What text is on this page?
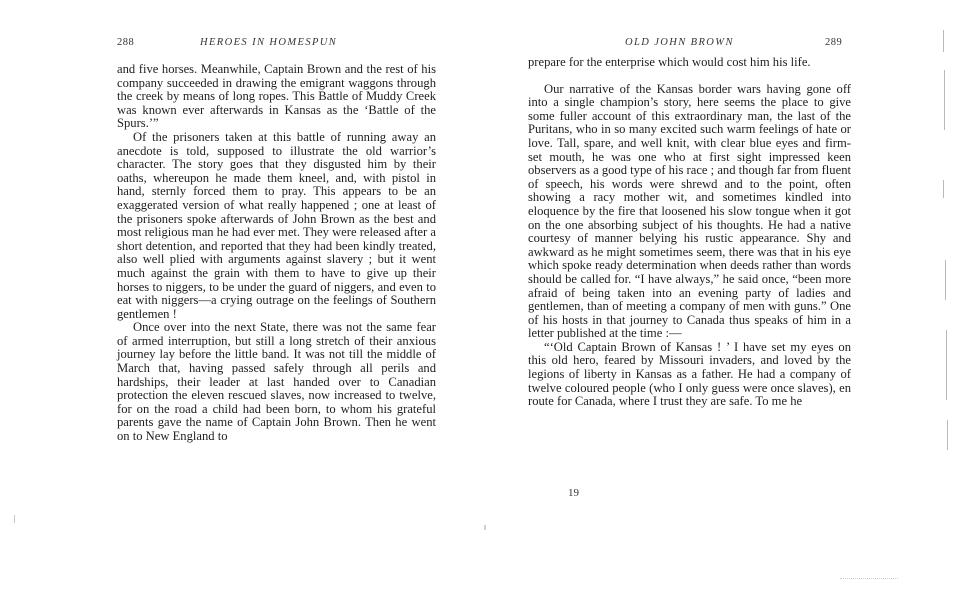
288	HEROES IN HOMESPUN

and five horses. Meanwhile, Captain Brown and the rest of his company succeeded in drawing the emigrant waggons through the creek by means of long ropes. This Battle of Muddy Creek was known ever afterwards in Kansas as the ‘Battle of the Spurs.’”

Of the prisoners taken at this battle of running away an anecdote is told, supposed to illustrate the old warrior’s character. The story goes that they disgusted him by their oaths, whereupon he made them kneel, and, with pistol in hand, sternly forced them to pray. This appears to be an exaggerated version of what really happened ; one at least of the prisoners spoke afterwards of John Brown as the best and most religious man he had ever met. They were released after a short detention, and reported that they had been kindly treated, also well plied with arguments against slavery ; but it went much against the grain with them to have to give up their horses to niggers, to be under the guard of niggers, and even to eat with niggers—a crying outrage on the feelings of Southern gentlemen !

Once over into the next State, there was not the same fear of armed interruption, but still a long stretch of their anxious journey lay before the little band. It was not till the middle of March that, having passed safely through all perils and hardships, their leader at last handed over to Canadian protection the eleven rescued slaves, now increased to twelve, for on the road a child had been born, to whom his grateful parents gave the name of Captain John Brown. Then he went on to New England to

OLD JOHN BROWN	289

prepare for the enterprise which would cost him his life.

Our narrative of the Kansas border wars having gone off into a single champion’s story, here seems the place to give some fuller account of this extraordinary man, the last of the Puritans, who in so many excited such warm feelings of hate or love. Tall, spare, and well knit, with clear blue eyes and firm-set mouth, he was one who at first sight impressed keen observers as a good type of his race ; and though far from fluent of speech, his words were shrewd and to the point, often showing a racy mother wit, and sometimes kindled into eloquence by the fire that loosened his slow tongue when it got on the one absorbing subject of his thoughts. He had a native courtesy of manner belying his rustic appearance. Shy and awkward as he might sometimes seem, there was that in his eye which spoke ready determination when deeds rather than words should be called for. “I have always,” he said once, “been more afraid of being taken into an evening party of ladies and gentlemen, than of meeting a company of men with guns.” One of his hosts in that journey to Canada thus speaks of him in a letter published at the time :—

“‘Old Captain Brown of Kansas ! ’ I have set my eyes on this old hero, feared by Missouri invaders, and loved by the legions of liberty in Kansas as a father. He had a company of twelve coloured people (who I only guess were once slaves), en route for Canada, where I trust they are safe. To me he

19
